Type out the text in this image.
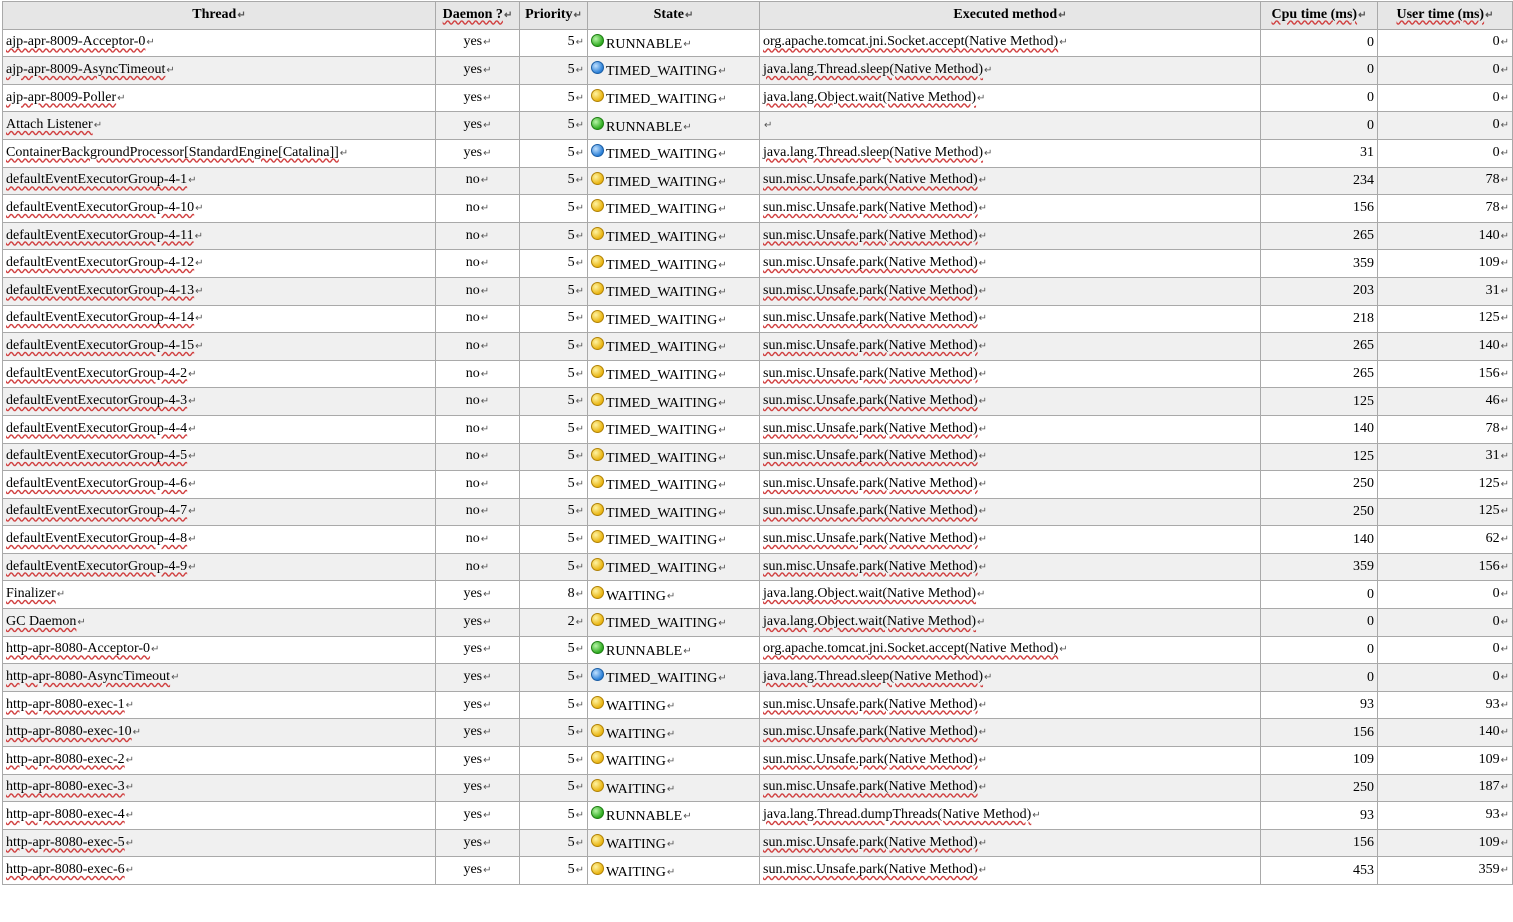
Thread↵	Daemon ?↵	Priority↵	State↵	Executed method↵	Cpu time (ms)↵	User time (ms)↵
ajp-apr-8009-Acceptor-0↵	yes↵	5↵	RUNNABLE↵	org.apache.tomcat.jni.Socket.accept(Native Method)↵	0	0↵
ajp-apr-8009-AsyncTimeout↵	yes↵	5↵	TIMED_WAITING↵	java.lang.Thread.sleep(Native Method)↵	0	0↵
ajp-apr-8009-Poller↵	yes↵	5↵	TIMED_WAITING↵	java.lang.Object.wait(Native Method)↵	0	0↵
Attach Listener↵	yes↵	5↵	RUNNABLE↵	↵	0	0↵
ContainerBackgroundProcessor[StandardEngine[Catalina]]↵	yes↵	5↵	TIMED_WAITING↵	java.lang.Thread.sleep(Native Method)↵	31	0↵
defaultEventExecutorGroup-4-1↵	no↵	5↵	TIMED_WAITING↵	sun.misc.Unsafe.park(Native Method)↵	234	78↵
defaultEventExecutorGroup-4-10↵	no↵	5↵	TIMED_WAITING↵	sun.misc.Unsafe.park(Native Method)↵	156	78↵
defaultEventExecutorGroup-4-11↵	no↵	5↵	TIMED_WAITING↵	sun.misc.Unsafe.park(Native Method)↵	265	140↵
defaultEventExecutorGroup-4-12↵	no↵	5↵	TIMED_WAITING↵	sun.misc.Unsafe.park(Native Method)↵	359	109↵
defaultEventExecutorGroup-4-13↵	no↵	5↵	TIMED_WAITING↵	sun.misc.Unsafe.park(Native Method)↵	203	31↵
defaultEventExecutorGroup-4-14↵	no↵	5↵	TIMED_WAITING↵	sun.misc.Unsafe.park(Native Method)↵	218	125↵
defaultEventExecutorGroup-4-15↵	no↵	5↵	TIMED_WAITING↵	sun.misc.Unsafe.park(Native Method)↵	265	140↵
defaultEventExecutorGroup-4-2↵	no↵	5↵	TIMED_WAITING↵	sun.misc.Unsafe.park(Native Method)↵	265	156↵
defaultEventExecutorGroup-4-3↵	no↵	5↵	TIMED_WAITING↵	sun.misc.Unsafe.park(Native Method)↵	125	46↵
defaultEventExecutorGroup-4-4↵	no↵	5↵	TIMED_WAITING↵	sun.misc.Unsafe.park(Native Method)↵	140	78↵
defaultEventExecutorGroup-4-5↵	no↵	5↵	TIMED_WAITING↵	sun.misc.Unsafe.park(Native Method)↵	125	31↵
defaultEventExecutorGroup-4-6↵	no↵	5↵	TIMED_WAITING↵	sun.misc.Unsafe.park(Native Method)↵	250	125↵
defaultEventExecutorGroup-4-7↵	no↵	5↵	TIMED_WAITING↵	sun.misc.Unsafe.park(Native Method)↵	250	125↵
defaultEventExecutorGroup-4-8↵	no↵	5↵	TIMED_WAITING↵	sun.misc.Unsafe.park(Native Method)↵	140	62↵
defaultEventExecutorGroup-4-9↵	no↵	5↵	TIMED_WAITING↵	sun.misc.Unsafe.park(Native Method)↵	359	156↵
Finalizer↵	yes↵	8↵	WAITING↵	java.lang.Object.wait(Native Method)↵	0	0↵
GC Daemon↵	yes↵	2↵	TIMED_WAITING↵	java.lang.Object.wait(Native Method)↵	0	0↵
http-apr-8080-Acceptor-0↵	yes↵	5↵	RUNNABLE↵	org.apache.tomcat.jni.Socket.accept(Native Method)↵	0	0↵
http-apr-8080-AsyncTimeout↵	yes↵	5↵	TIMED_WAITING↵	java.lang.Thread.sleep(Native Method)↵	0	0↵
http-apr-8080-exec-1↵	yes↵	5↵	WAITING↵	sun.misc.Unsafe.park(Native Method)↵	93	93↵
http-apr-8080-exec-10↵	yes↵	5↵	WAITING↵	sun.misc.Unsafe.park(Native Method)↵	156	140↵
http-apr-8080-exec-2↵	yes↵	5↵	WAITING↵	sun.misc.Unsafe.park(Native Method)↵	109	109↵
http-apr-8080-exec-3↵	yes↵	5↵	WAITING↵	sun.misc.Unsafe.park(Native Method)↵	250	187↵
http-apr-8080-exec-4↵	yes↵	5↵	RUNNABLE↵	java.lang.Thread.dumpThreads(Native Method)↵	93	93↵
http-apr-8080-exec-5↵	yes↵	5↵	WAITING↵	sun.misc.Unsafe.park(Native Method)↵	156	109↵
http-apr-8080-exec-6↵	yes↵	5↵	WAITING↵	sun.misc.Unsafe.park(Native Method)↵	453	359↵
